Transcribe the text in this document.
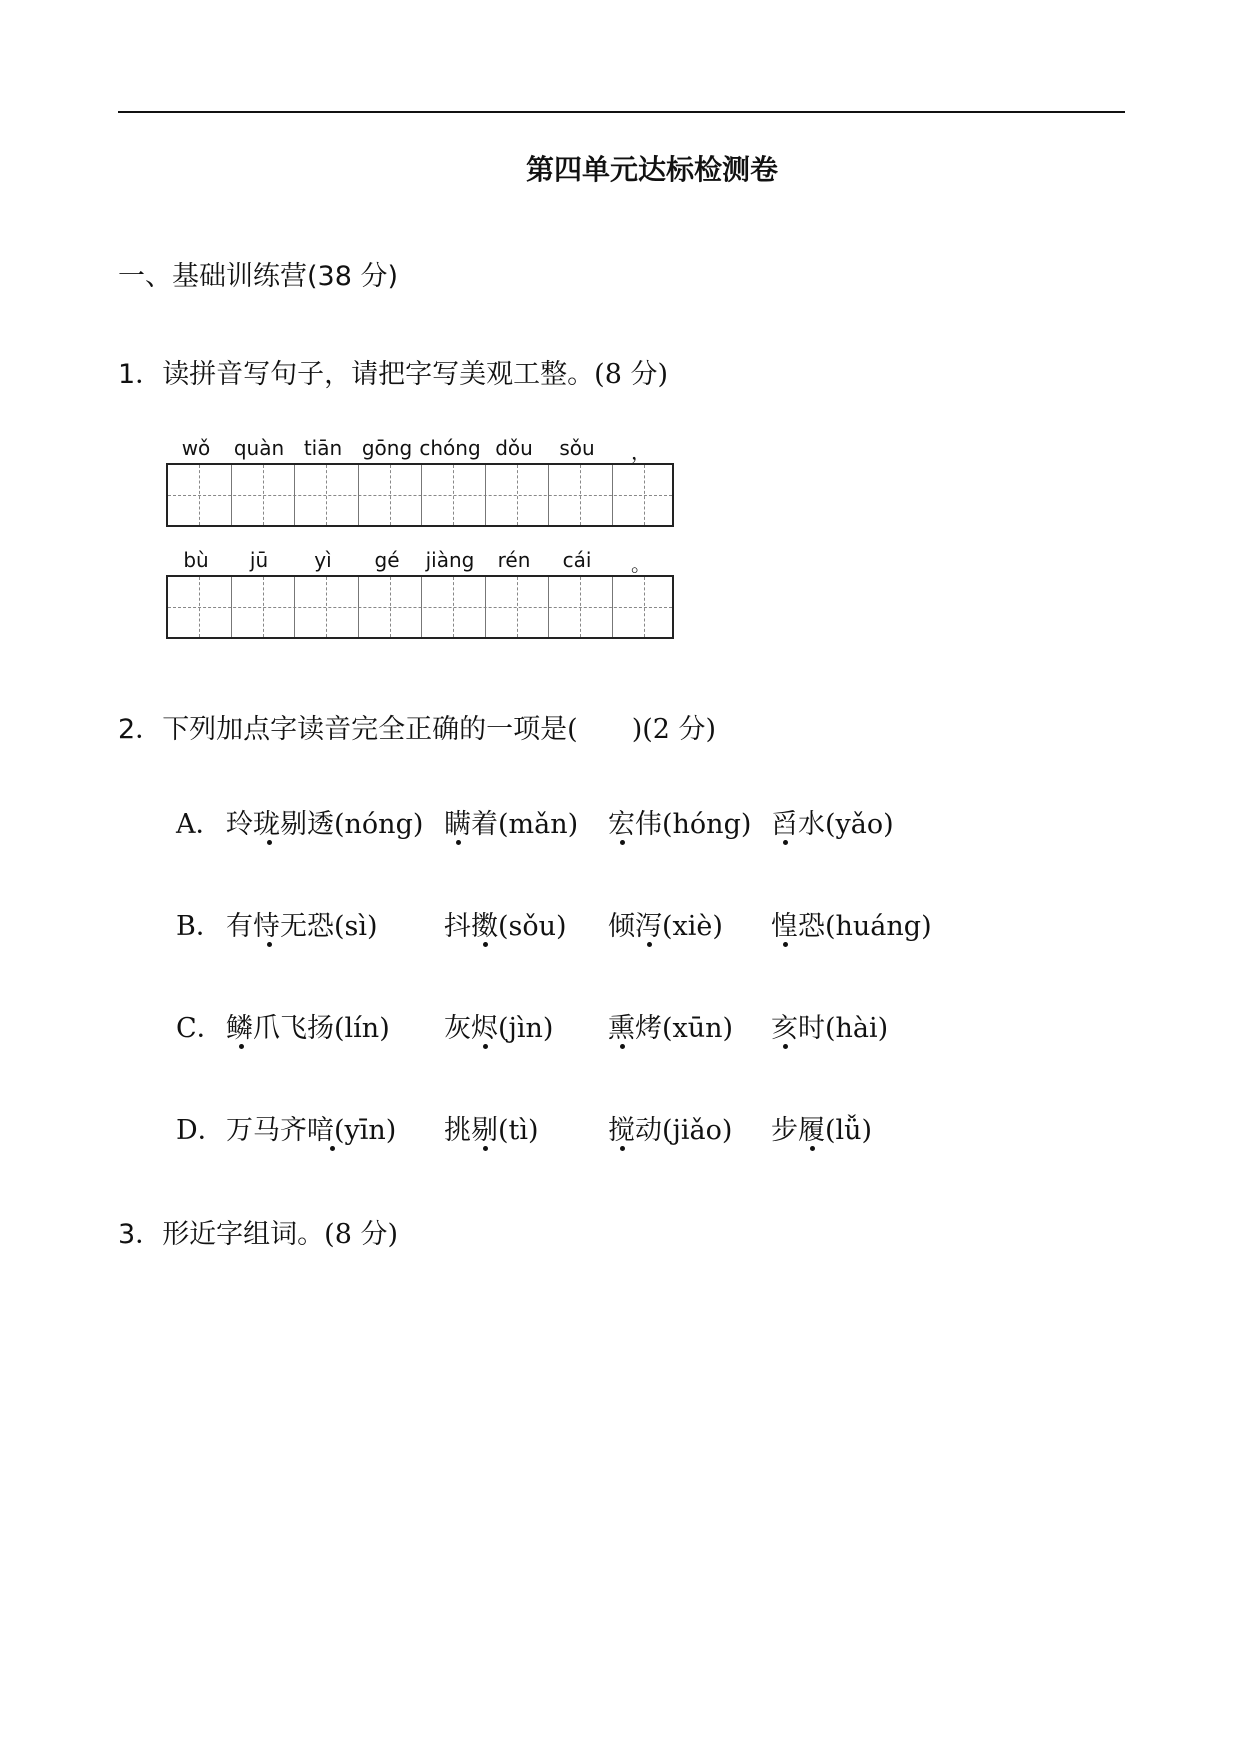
第四单元达标检测卷
一、基础训练营(38 分)
1．读拼音写句子，请把字写美观工整。(8 分)
wǒ quàn tiān gōng chóng dǒu sǒu ，
bù jū yì gé jiàng rén cái 。
2．下列加点字读音完全正确的一项是(　　)(2 分)
A． 玲珑剔透(nóng) 瞒着(mǎn) 宏伟(hóng) 舀水(yǎo)
B． 有恃无恐(sì) 抖擞(sǒu) 倾泻(xiè) 惶恐(huáng)
C． 鳞爪飞扬(lín) 灰烬(jìn) 熏烤(xūn) 亥时(hài)
D． 万马齐喑(yīn) 挑剔(tì)	搅动(jiǎo) 步履(lǚ)
3．形近字组词。(8 分)
